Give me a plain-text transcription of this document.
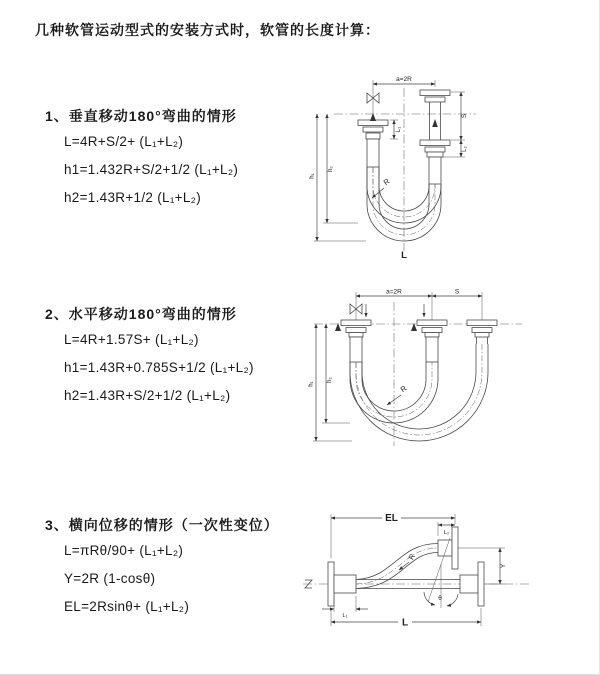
几种软管运动型式的安装方式时，软管的长度计算：
1、垂直移动180°弯曲的情形
L=4R+S/2+ (L₁+L₂)
h1=1.432R+S/2+1/2 (L₁+L₂)
h2=1.43R+1/2 (L₁+L₂)
a=2R
L₁
S
L₂
h₁
h₂
R
L
2、水平移动180°弯曲的情形
L=4R+1.57S+ (L₁+L₂)
h1=1.43R+0.785S+1/2 (L₁+L₂)
h2=1.43R+S/2+1/2 (L₁+L₂)
a=2R	S
h₁
h₂
R
3、横向位移的情形（一次性变位）
L=πRθ/90+ (L₁+L₂)
Y=2R (1-cosθ)
EL=2Rsinθ+ (L₁+L₂)
θ
R
EL
L₂
Y
L
L₁
